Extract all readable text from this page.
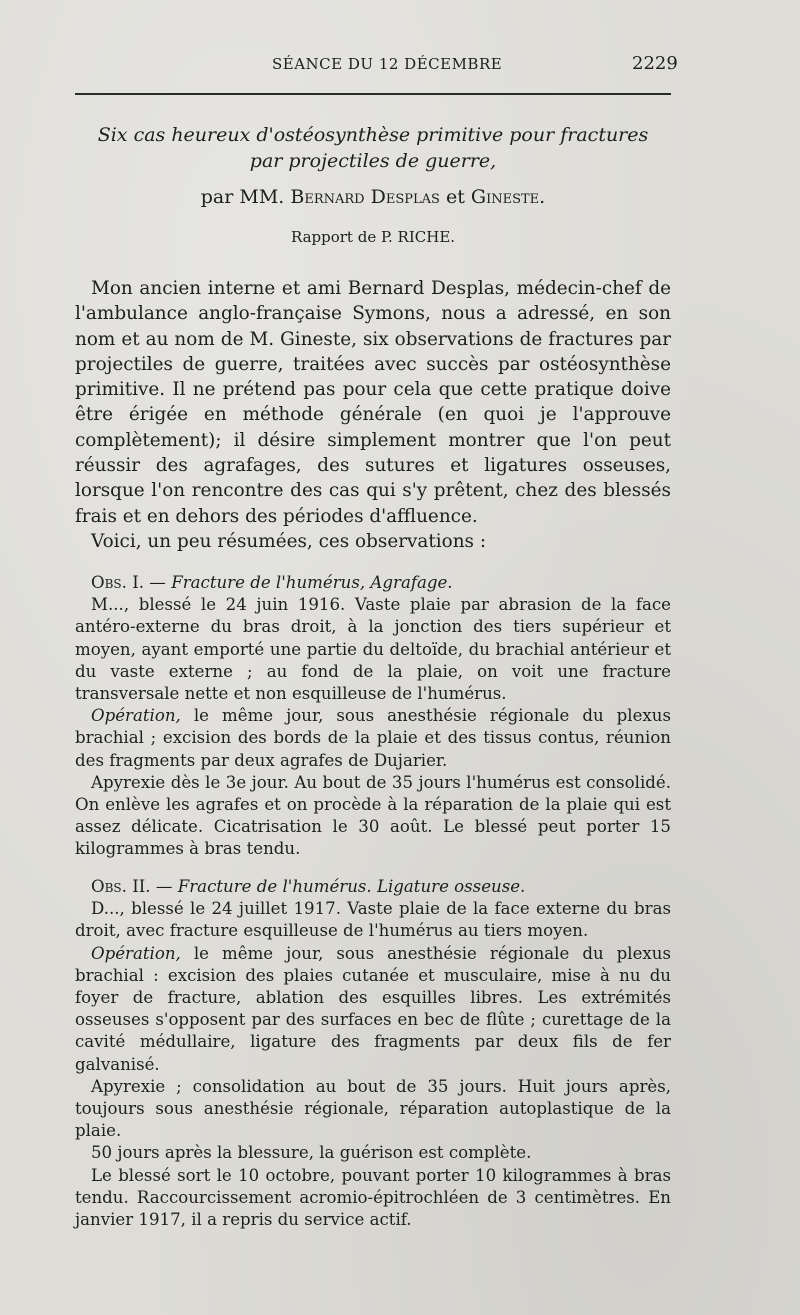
SÉANCE DU 12 DÉCEMBRE	2229
Six cas heureux d'ostéosynthèse primitive pour fractures
par projectiles de guerre,
par MM. Bernard Desplas et Gineste.
Rapport de P. RICHE.

Mon ancien interne et ami Bernard Desplas, médecin-chef de l'ambulance anglo-française Symons, nous a adressé, en son nom et au nom de M. Gineste, six observations de fractures par projectiles de guerre, traitées avec succès par ostéosynthèse primitive. Il ne prétend pas pour cela que cette pratique doive être érigée en méthode générale (en quoi je l'approuve complètement); il désire simplement montrer que l'on peut réussir des agrafages, des sutures et ligatures osseuses, lorsque l'on rencontre des cas qui s'y prêtent, chez des blessés frais et en dehors des périodes d'affluence.

Voici, un peu résumées, ces observations :

Obs. I. — Fracture de l'humérus, Agrafage.

M..., blessé le 24 juin 1916. Vaste plaie par abrasion de la face antéro-externe du bras droit, à la jonction des tiers supérieur et moyen, ayant emporté une partie du deltoïde, du brachial antérieur et du vaste externe ; au fond de la plaie, on voit une fracture transversale nette et non esquilleuse de l'humérus.

Opération, le même jour, sous anesthésie régionale du plexus brachial ; excision des bords de la plaie et des tissus contus, réunion des fragments par deux agrafes de Dujarier.

Apyrexie dès le 3e jour. Au bout de 35 jours l'humérus est consolidé. On enlève les agrafes et on procède à la réparation de la plaie qui est assez délicate. Cicatrisation le 30 août. Le blessé peut porter 15 kilogrammes à bras tendu.

Obs. II. — Fracture de l'humérus. Ligature osseuse.

D..., blessé le 24 juillet 1917. Vaste plaie de la face externe du bras droit, avec fracture esquilleuse de l'humérus au tiers moyen.

Opération, le même jour, sous anesthésie régionale du plexus brachial : excision des plaies cutanée et musculaire, mise à nu du foyer de fracture, ablation des esquilles libres. Les extrémités osseuses s'opposent par des surfaces en bec de flûte ; curettage de la cavité médullaire, ligature des fragments par deux fils de fer galvanisé.

Apyrexie ; consolidation au bout de 35 jours. Huit jours après, toujours sous anesthésie régionale, réparation autoplastique de la plaie.

50 jours après la blessure, la guérison est complète.

Le blessé sort le 10 octobre, pouvant porter 10 kilogrammes à bras tendu. Raccourcissement acromio-épitrochléen de 3 centimètres. En janvier 1917, il a repris du service actif.
